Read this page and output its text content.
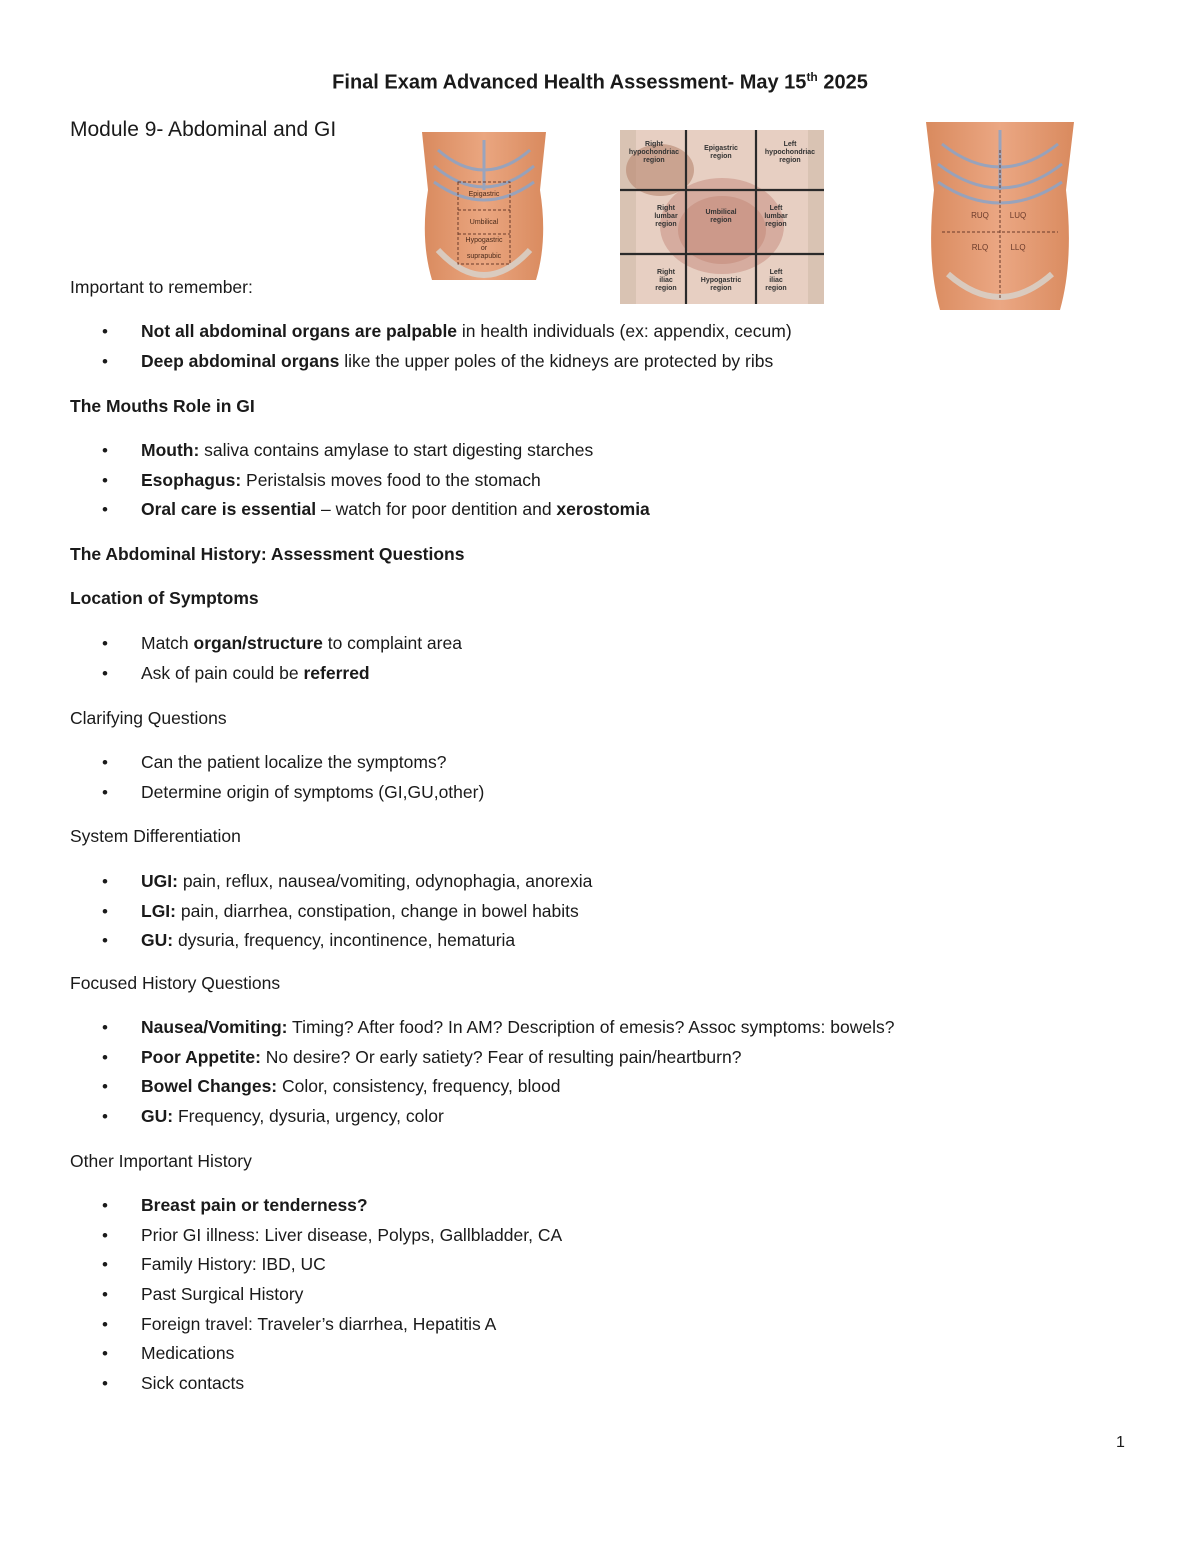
Final Exam Advanced Health Assessment- May 15th 2025
Module 9- Abdominal and GI
Epigastric
Umbilical
Hypogastric
or
suprapubic
Right
hypochondriac
region
Epigastric
region
Left
hypochondriac
region
Right
lumbar
region
Umbilical
region
Left
lumbar
region
Right
iliac
region
Hypogastric
region
Left
iliac
region
RUQ	LUQ
RLQ	LLQ
Important to remember:
• Not all abdominal organs are palpable in health individuals (ex: appendix, cecum)
• Deep abdominal organs like the upper poles of the kidneys are protected by ribs
The Mouths Role in GI
• Mouth: saliva contains amylase to start digesting starches
• Esophagus: Peristalsis moves food to the stomach
• Oral care is essential – watch for poor dentition and xerostomia
The Abdominal History: Assessment Questions
Location of Symptoms
• Match organ/structure to complaint area
• Ask of pain could be referred
Clarifying Questions
• Can the patient localize the symptoms?
• Determine origin of symptoms (GI,GU,other)
System Differentiation
• UGI: pain, reflux, nausea/vomiting, odynophagia, anorexia
• LGI: pain, diarrhea, constipation, change in bowel habits
• GU: dysuria, frequency, incontinence, hematuria
Focused History Questions
• Nausea/Vomiting: Timing? After food? In AM? Description of emesis? Assoc symptoms: bowels?
• Poor Appetite: No desire? Or early satiety? Fear of resulting pain/heartburn?
• Bowel Changes: Color, consistency, frequency, blood
• GU: Frequency, dysuria, urgency, color
Other Important History
• Breast pain or tenderness?
• Prior GI illness: Liver disease, Polyps, Gallbladder, CA
• Family History: IBD, UC
• Past Surgical History
• Foreign travel: Traveler’s diarrhea, Hepatitis A
• Medications
• Sick contacts
1
